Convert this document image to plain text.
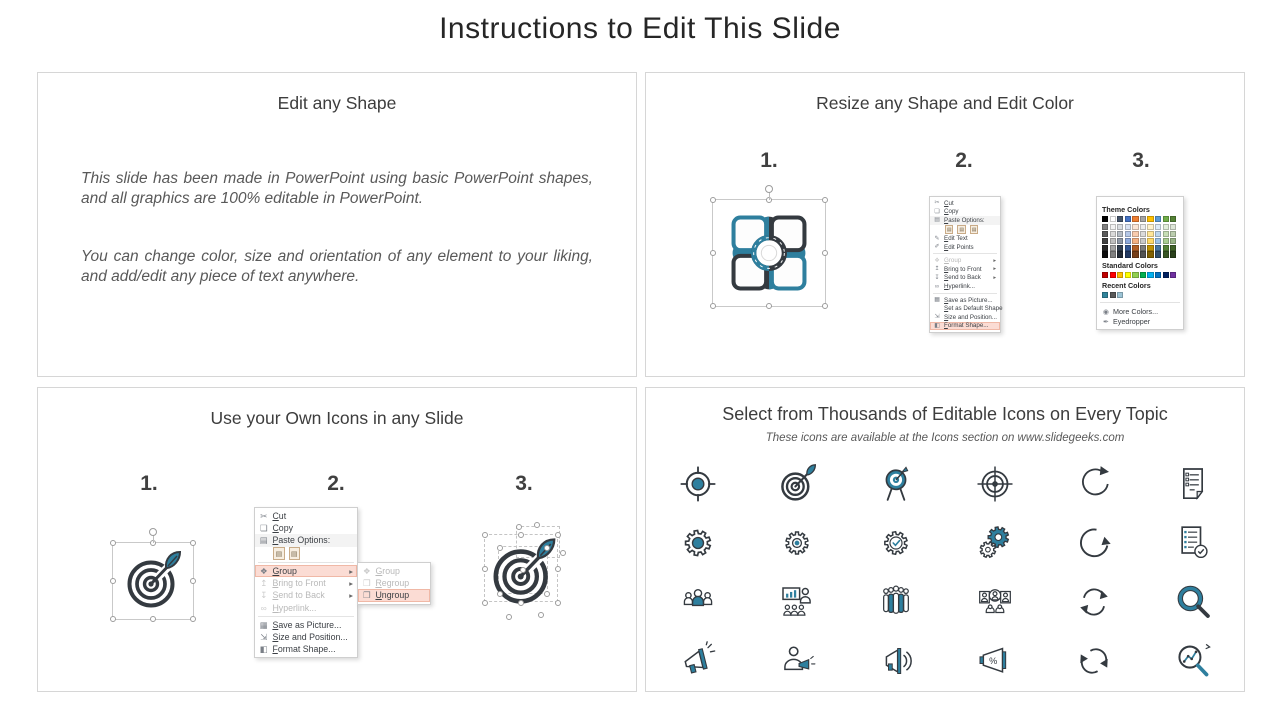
Instructions to Edit This Slide
Edit any Shape

This slide has been made in PowerPoint using basic PowerPoint shapes, and all graphics are 100% editable in PowerPoint.

You can change color, size and orientation of any element to your liking, and add/edit any piece of text anywhere.

Resize any Shape and Edit Color
1.	2.	3.
✂ Cut
❏ Copy
▤ Paste Options:
▤	▤	▤
✎ Edit Text
✐ Edit Points
❖ Group	▸
↥ Bring to Front ▸
↧ Send to Back ▸
∞ Hyperlink...
▦ Save as Picture...
Set as Default Shape
⇲ Size and Position...
◧ Format Shape...
Theme Colors
Standard Colors
Recent Colors
◉ More Colors...
✒ Eyedropper
Use your Own Icons in any Slide
1.	2.	3.
✂ Cut
❏ Copy
▤ Paste Options:
▤	▤
❖ Group	▸
↥ Bring to Front	▸
↧ Send to Back	▸
∞ Hyperlink...
▦ Save as Picture...
⇲ Size and Position...
◧ Format Shape...
❖ Group
❒ Regroup
❐ Ungroup
Select from Thousands of Editable Icons on Every Topic
These icons are available at the Icons section on www.slidegeeks.com
%
